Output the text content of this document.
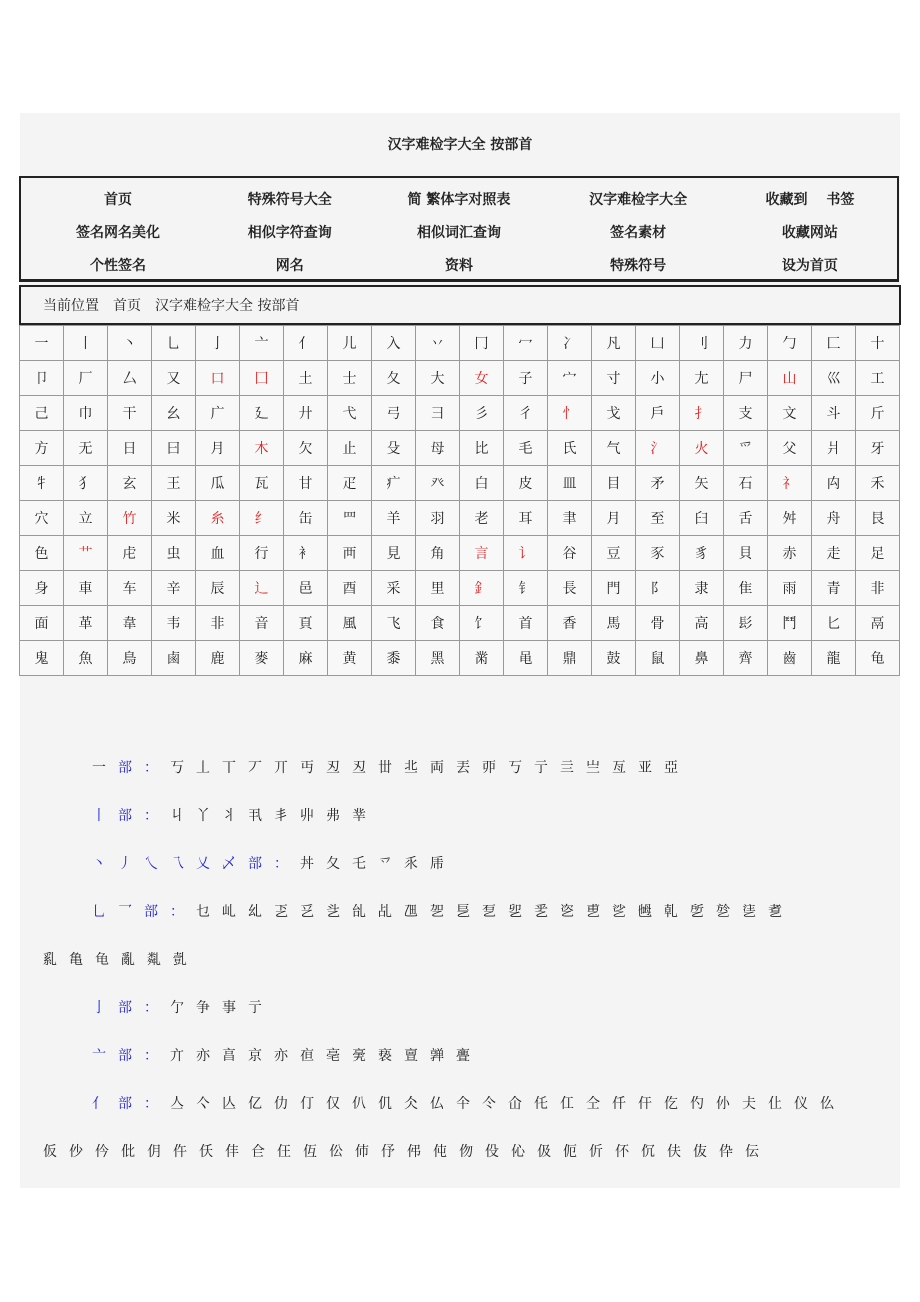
汉字难检字大全 按部首
首页	特殊符号大全	简 繁体字对照表	汉字难检字大全	收藏到　 书签
签名网名美化	相似字符查询	相似词汇查询	签名素材	收藏网站
个性签名	网名	资料	特殊符号	设为首页
当前位置 首页 汉字难检字大全 按部首
一	丨	丶	乚	亅	亠	亻	儿	入	丷	冂	冖	冫	凡	凵	刂	力	勹	匚	十
卩	厂	厶	又	口	囗	土	士	夂	大	女	子	宀	寸	小	尢	尸	山	巛	工
己	巾	干	幺	广	廴	廾	弋	弓	彐	彡	彳	忄	戈	戶	扌	支	文	斗	斤
方	无	日	曰	月	木	欠	止	殳	母	比	毛	氏	气	氵	火	爫	父	爿	牙
牜	犭	玄	王	瓜	瓦	甘	疋	疒	癶	白	皮	皿	目	矛	矢	石	礻	禸	禾
穴	立	竹	米	糸	纟	缶	罒	羊	羽	老	耳	聿	月	至	臼	舌	舛	舟	艮
色	艹	虍	虫	血	行	衤	襾	見	角	言	讠	谷	豆	豕	豸	貝	赤	走	足
身	車	车	辛	辰	辶	邑	酉	采	里	釒	钅	長	門	阝	隶	隹	雨	青	非
面	革	韋	韦	非	音	頁	風	飞	食	饣	首	香	馬	骨	高	髟	鬥	匕	鬲
鬼	魚	鳥	鹵	鹿	麥	麻	黄	黍	黑	黹	黾	鼎	鼓	鼠	鼻	齊	齒	龍	龟
一部：丂丄丅丆丌丏丒丒丗丠両丟丣丂亍亖亗亙亚亞
丨部：丩丫丬丮丯丱弗丵
丶丿乀乁乂乄部：丼夂乇乊乑乕
乚乛部：乜乢乣乤乥乧乨乩乪乫乬乭乮乯乲乶乷乸乹乺乻乼乽
乿亀龟亂亃亄
亅部：亇争事亍
亠部：亣亦亯京亦亱亳亴亵亶亸亹
亻部：亼亽亾亿仂仃仅仈仉仌仏仐仒仚仛仜仝仟仠仡仢仦仧仩仪仫
仮仯仱仳仴仵仸仹仺仼仾伀伂伃伄伅伆伇伈伋伌伒伓伔伕伖伜伝
